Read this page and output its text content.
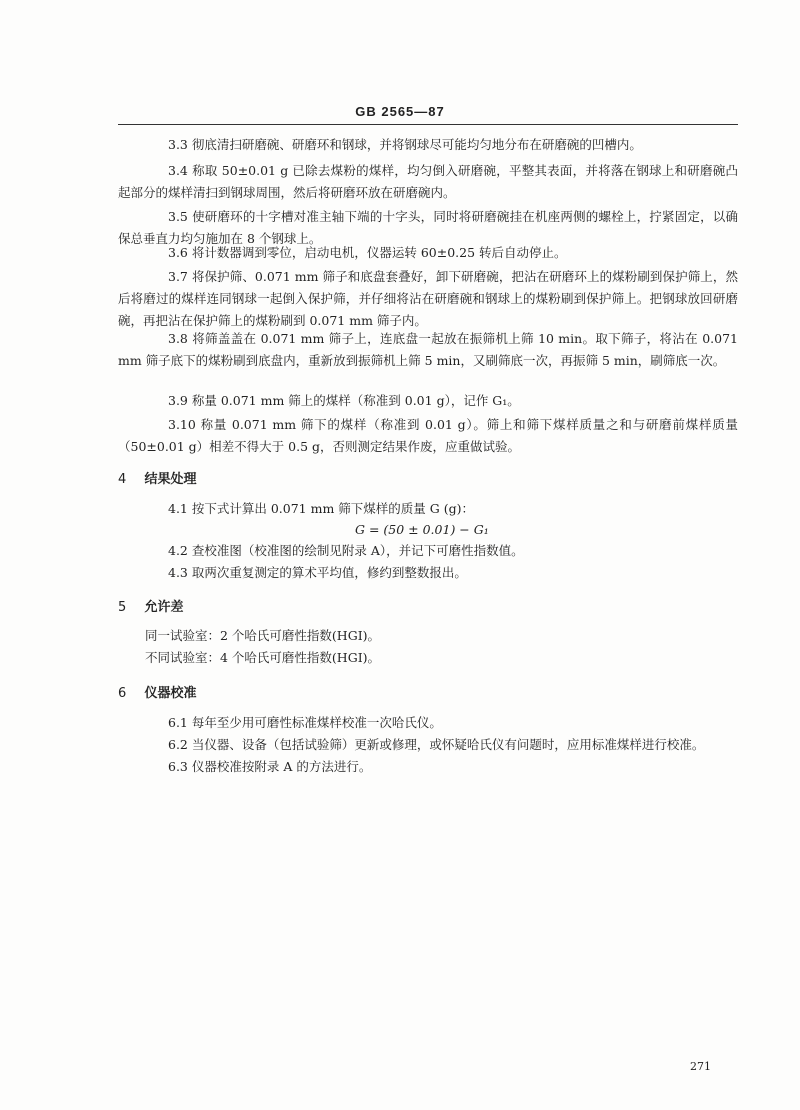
GB 2565—87
3.3 彻底清扫研磨碗、研磨环和钢球，并将钢球尽可能均匀地分布在研磨碗的凹槽内。
3.4 称取 50±0.01 g 已除去煤粉的煤样，均匀倒入研磨碗，平整其表面，并将落在钢球上和研磨碗凸起部分的煤样清扫到钢球周围，然后将研磨环放在研磨碗内。
3.5 使研磨环的十字槽对准主轴下端的十字头，同时将研磨碗挂在机座两侧的螺栓上，拧紧固定，以确保总垂直力均匀施加在 8 个钢球上。
3.6 将计数器调到零位，启动电机，仪器运转 60±0.25 转后自动停止。
3.7 将保护筛、0.071 mm 筛子和底盘套叠好，卸下研磨碗，把沾在研磨环上的煤粉刷到保护筛上，然后将磨过的煤样连同钢球一起倒入保护筛，并仔细将沾在研磨碗和钢球上的煤粉刷到保护筛上。把钢球放回研磨碗，再把沾在保护筛上的煤粉刷到 0.071 mm 筛子内。
3.8 将筛盖盖在 0.071 mm 筛子上，连底盘一起放在振筛机上筛 10 min。取下筛子，将沾在 0.071 mm 筛子底下的煤粉刷到底盘内，重新放到振筛机上筛 5 min，又刷筛底一次，再振筛 5 min，刷筛底一次。
3.9 称量 0.071 mm 筛上的煤样（称准到 0.01 g），记作 G₁。
3.10 称量 0.071 mm 筛下的煤样（称准到 0.01 g）。筛上和筛下煤样质量之和与研磨前煤样质量（50±0.01 g）相差不得大于 0.5 g，否则测定结果作废，应重做试验。
4 结果处理
4.1 按下式计算出 0.071 mm 筛下煤样的质量 G (g)：
G = (50 ± 0.01) − G₁
4.2 查校准图（校准图的绘制见附录 A），并记下可磨性指数值。
4.3 取两次重复测定的算术平均值，修约到整数报出。
5 允许差
同一试验室：2 个哈氏可磨性指数(HGI)。
不同试验室：4 个哈氏可磨性指数(HGI)。
6 仪器校准
6.1 每年至少用可磨性标准煤样校准一次哈氏仪。
6.2 当仪器、设备（包括试验筛）更新或修理，或怀疑哈氏仪有问题时，应用标准煤样进行校准。
6.3 仪器校准按附录 A 的方法进行。
271
